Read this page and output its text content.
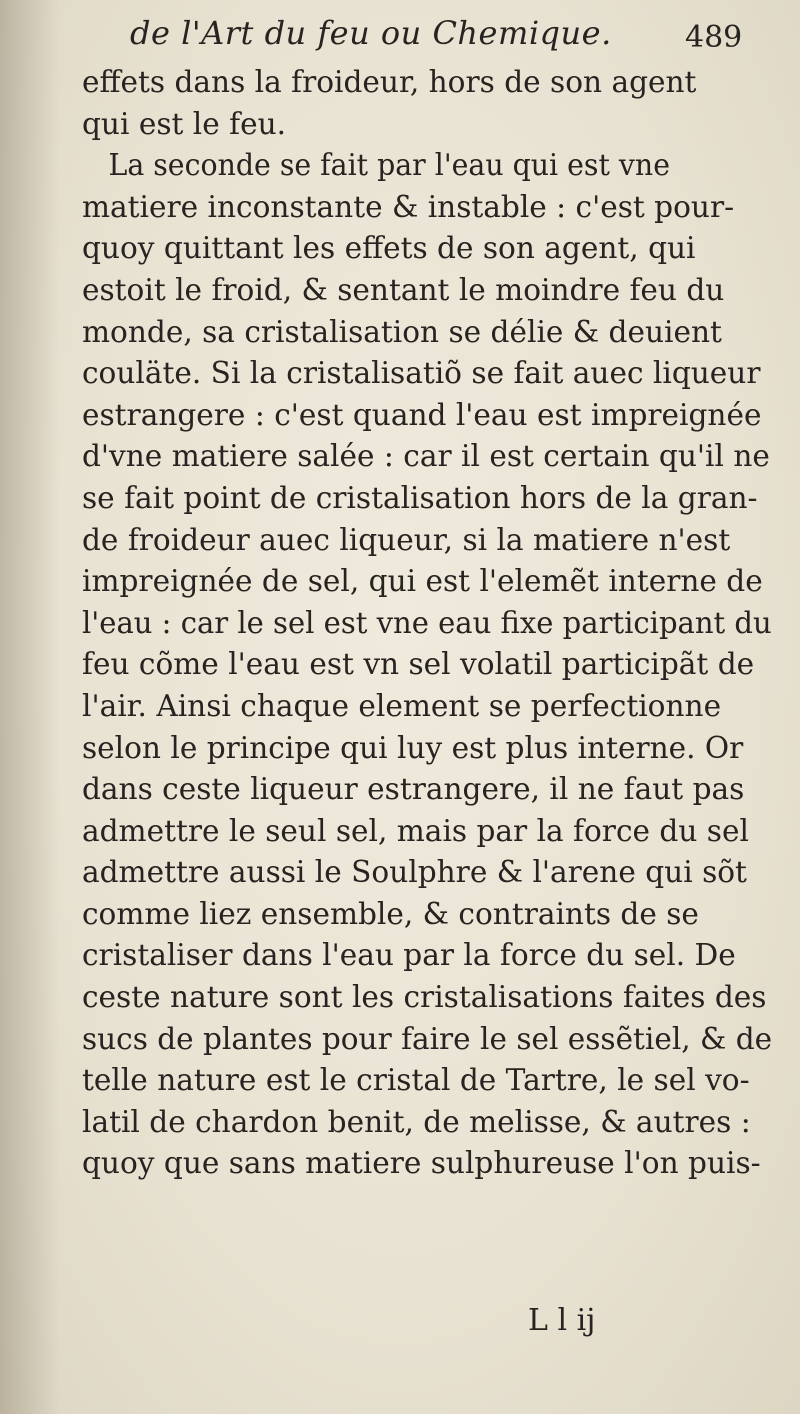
de l'Art du feu ou Chemique. 489
effets dans la froideur, hors de son agent
qui est le feu.
La seconde se fait par l'eau qui est vne
matiere inconstante & instable : c'est pour-
quoy quittant les effets de son agent, qui
estoit le froid, & sentant le moindre feu du
monde, sa cristalisation se délie & deuient
couläte. Si la cristalisatiõ se fait auec liqueur
estrangere : c'est quand l'eau est impreignée
d'vne matiere salée : car il est certain qu'il ne
se fait point de cristalisation hors de la gran-
de froideur auec liqueur, si la matiere n'est
impreignée de sel, qui est l'elemẽt interne de
l'eau : car le sel est vne eau fixe participant du
feu cõme l'eau est vn sel volatil participãt de
l'air. Ainsi chaque element se perfectionne
selon le principe qui luy est plus interne. Or
dans ceste liqueur estrangere, il ne faut pas
admettre le seul sel, mais par la force du sel
admettre aussi le Soulphre & l'arene qui sõt
comme liez ensemble, & contraints de se
cristaliser dans l'eau par la force du sel. De
ceste nature sont les cristalisations faites des
sucs de plantes pour faire le sel essẽtiel, & de
telle nature est le cristal de Tartre, le sel vo-
latil de chardon benit, de melisse, & autres :
quoy que sans matiere sulphureuse l'on puis-
L l ij
